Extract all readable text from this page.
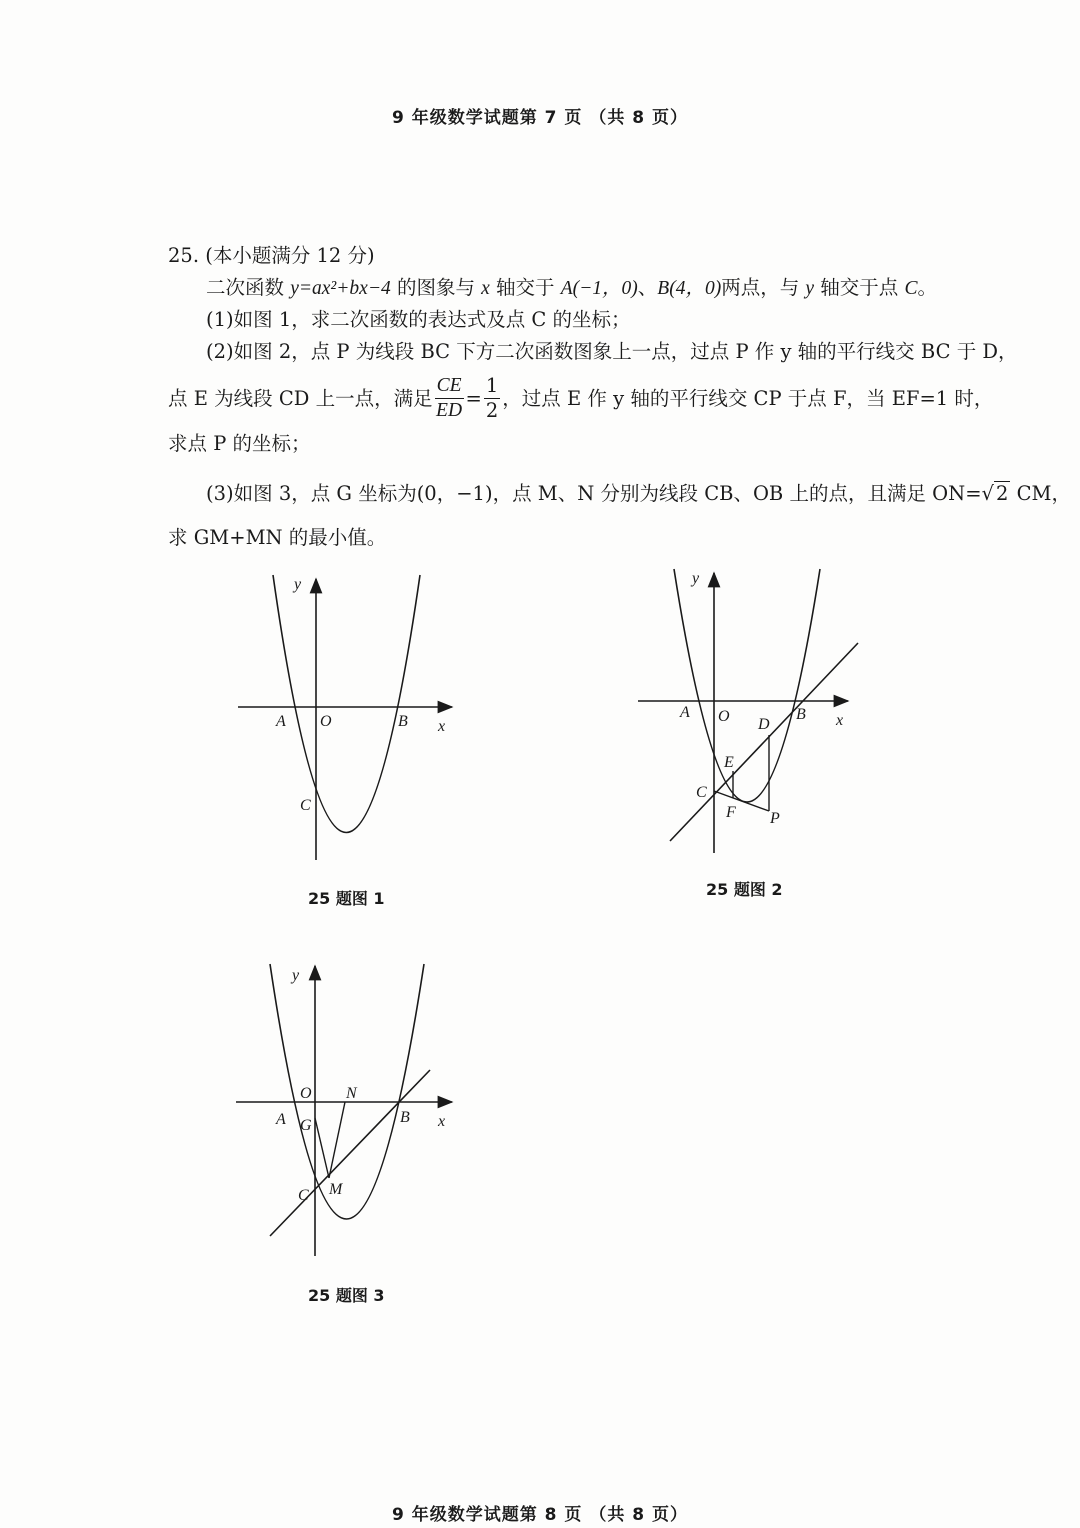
9 年级数学试题第 7 页 （共 8 页）
9 年级数学试题第 8 页 （共 8 页）
25. (本小题满分 12 分)
二次函数 y=ax²+bx−4 的图象与 x 轴交于 A(−1，0)、B(4，0)两点，与 y 轴交于点 C。
(1)如图 1，求二次函数的表达式及点 C 的坐标；
(2)如图 2，点 P 为线段 BC 下方二次函数图象上一点，过点 P 作 y 轴的平行线交 BC 于 D，
点 E 为线段 CD 上一点，满足 $\frac{CE}{ED} = \frac{1}{2}$ ，过点 E 作 y 轴的平行线交 CP 于点 F，当 EF=1 时，
求点 P 的坐标；
(3)如图 3，点 G 坐标为(0，−1)，点 M、N 分别为线段 CB、OB 上的点，且满足 ON=√ 2 CM，
求 GM+MN 的最小值。
y
x
A O	B
C
25 题图 1
y
x
A O	B
D
E
C
F P
25 题图 2
y
x
O N
A G	B
M
C
25 题图 3
